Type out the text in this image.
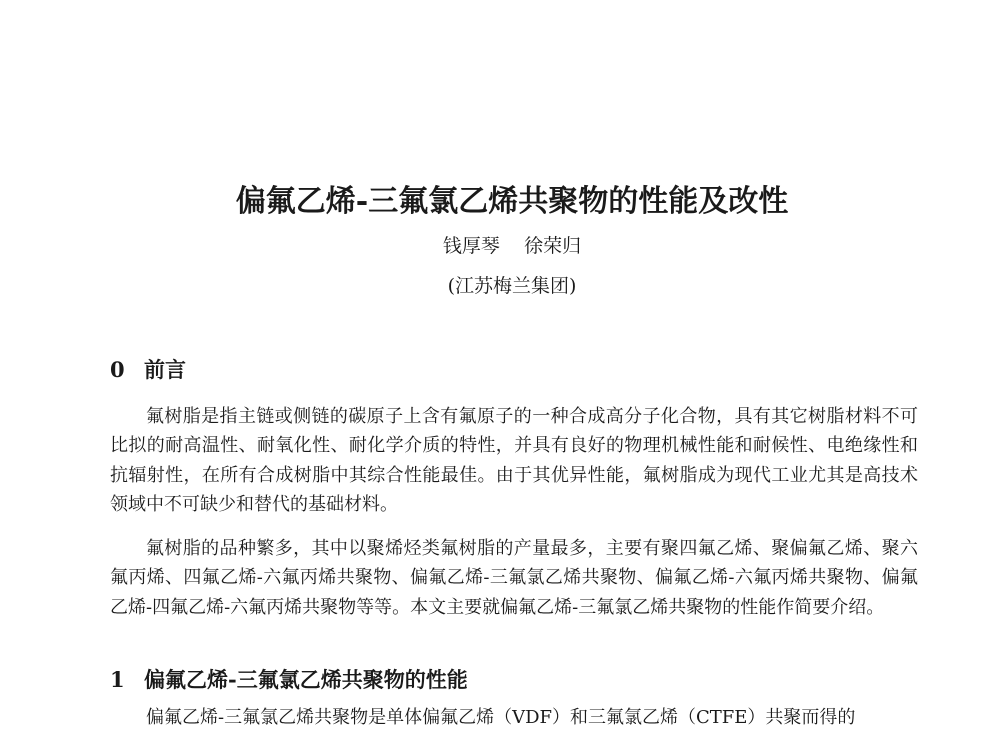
偏氟乙烯-三氟氯乙烯共聚物的性能及改性
钱厚琴    徐荣归
(江苏梅兰集团)
0 前言

氟树脂是指主链或侧链的碳原子上含有氟原子的一种合成高分子化合物，具有其它树脂材料不可比拟的耐高温性、耐氧化性、耐化学介质的特性，并具有良好的物理机械性能和耐候性、电绝缘性和抗辐射性，在所有合成树脂中其综合性能最佳。由于其优异性能，氟树脂成为现代工业尤其是高技术领域中不可缺少和替代的基础材料。

氟树脂的品种繁多，其中以聚烯烃类氟树脂的产量最多，主要有聚四氟乙烯、聚偏氟乙烯、聚六氟丙烯、四氟乙烯-六氟丙烯共聚物、偏氟乙烯-三氟氯乙烯共聚物、偏氟乙烯-六氟丙烯共聚物、偏氟乙烯-四氟乙烯-六氟丙烯共聚物等等。本文主要就偏氟乙烯-三氟氯乙烯共聚物的性能作简要介绍。

1 偏氟乙烯-三氟氯乙烯共聚物的性能

偏氟乙烯-三氟氯乙烯共聚物是单体偏氟乙烯（VDF）和三氟氯乙烯（CTFE）共聚而得的
